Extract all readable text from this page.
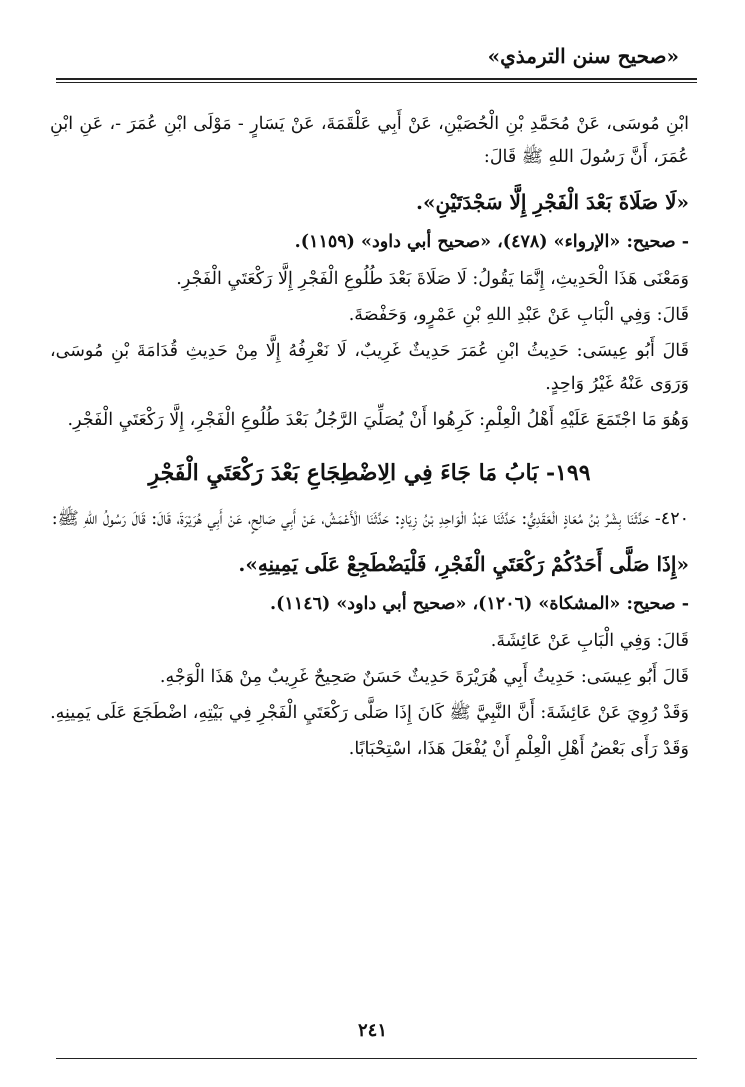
«صحيح سنن الترمذي»

ابْنِ مُوسَى، عَنْ مُحَمَّدِ بْنِ الْحُصَيْنِ، عَنْ أَبِي عَلْقَمَةَ، عَنْ يَسَارٍ - مَوْلَى ابْنِ عُمَرَ -، عَنِ ابْنِ عُمَرَ، أَنَّ رَسُولَ اللهِ ﷺ قَالَ:

«لَا صَلَاةَ بَعْدَ الْفَجْرِ إِلَّا سَجْدَتَيْنِ».

- صحيح: «الإرواء» (٤٧٨)، «صحيح أبي داود» (١١٥٩).

وَمَعْنَى هَذَا الْحَدِيثِ، إِنَّمَا يَقُولُ: لَا صَلَاةَ بَعْدَ طُلُوعِ الْفَجْرِ إِلَّا رَكْعَتَيِ الْفَجْرِ.

قَالَ: وَفِي الْبَابِ عَنْ عَبْدِ اللهِ بْنِ عَمْرٍو، وَحَفْصَةَ.

قَالَ أَبُو عِيسَى: حَدِيثُ ابْنِ عُمَرَ حَدِيثٌ غَرِيبٌ، لَا نَعْرِفُهُ إِلَّا مِنْ حَدِيثِ قُدَامَةَ بْنِ مُوسَى، وَرَوَى عَنْهُ غَيْرُ وَاحِدٍ.

وَهُوَ مَا اجْتَمَعَ عَلَيْهِ أَهْلُ الْعِلْمِ: كَرِهُوا أَنْ يُصَلِّيَ الرَّجُلُ بَعْدَ طُلُوعِ الْفَجْرِ، إِلَّا رَكْعَتَيِ الْفَجْرِ.

١٩٩- بَابُ مَا جَاءَ فِي الِاضْطِجَاعِ بَعْدَ رَكْعَتَيِ الْفَجْرِ

٤٢٠- حَدَّثَنَا بِشْرُ بْنُ مُعَاذٍ الْعَقَدِيُّ: حَدَّثَنَا عَبْدُ الْوَاحِدِ بْنُ زِيَادٍ: حَدَّثَنَا الْأَعْمَشُ، عَنْ أَبِي صَالِحٍ، عَنْ أَبِي هُرَيْرَةَ، قَالَ: قَالَ رَسُولُ اللهِ ﷺ:

«إِذَا صَلَّى أَحَدُكُمْ رَكْعَتَيِ الْفَجْرِ، فَلْيَضْطَجِعْ عَلَى يَمِينِهِ».

- صحيح: «المشكاة» (١٢٠٦)، «صحيح أبي داود» (١١٤٦).

قَالَ: وَفِي الْبَابِ عَنْ عَائِشَةَ.

قَالَ أَبُو عِيسَى: حَدِيثُ أَبِي هُرَيْرَةَ حَدِيثٌ حَسَنٌ صَحِيحٌ غَرِيبٌ مِنْ هَذَا الْوَجْهِ.

وَقَدْ رُوِيَ عَنْ عَائِشَةَ: أَنَّ النَّبِيَّ ﷺ كَانَ إِذَا صَلَّى رَكْعَتَيِ الْفَجْرِ فِي بَيْتِهِ، اضْطَجَعَ عَلَى يَمِينِهِ.

وَقَدْ رَأَى بَعْضُ أَهْلِ الْعِلْمِ أَنْ يُفْعَلَ هَذَا، اسْتِحْبَابًا.

٢٤١
